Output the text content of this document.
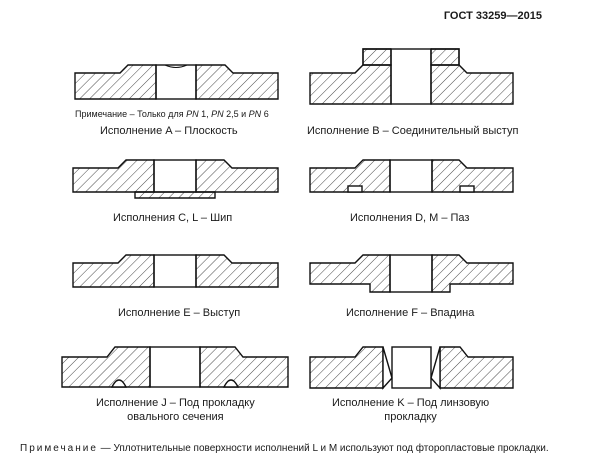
ГОСТ 33259—2015
Примечание – Только для PN 1, PN 2,5 и PN 6
Исполнение A – Плоскость	Исполнение B – Соединительный выступ
Исполнения C, L – Шип	Исполнения D, M – Паз
Исполнение E – Выступ	Исполнение F – Впадина
Исполнение J – Под прокладку
овального сечения
Исполнение K – Под линзовую
прокладку
Примечание — Уплотнительные поверхности исполнений L и M используют под фторопластовые прокладки.
